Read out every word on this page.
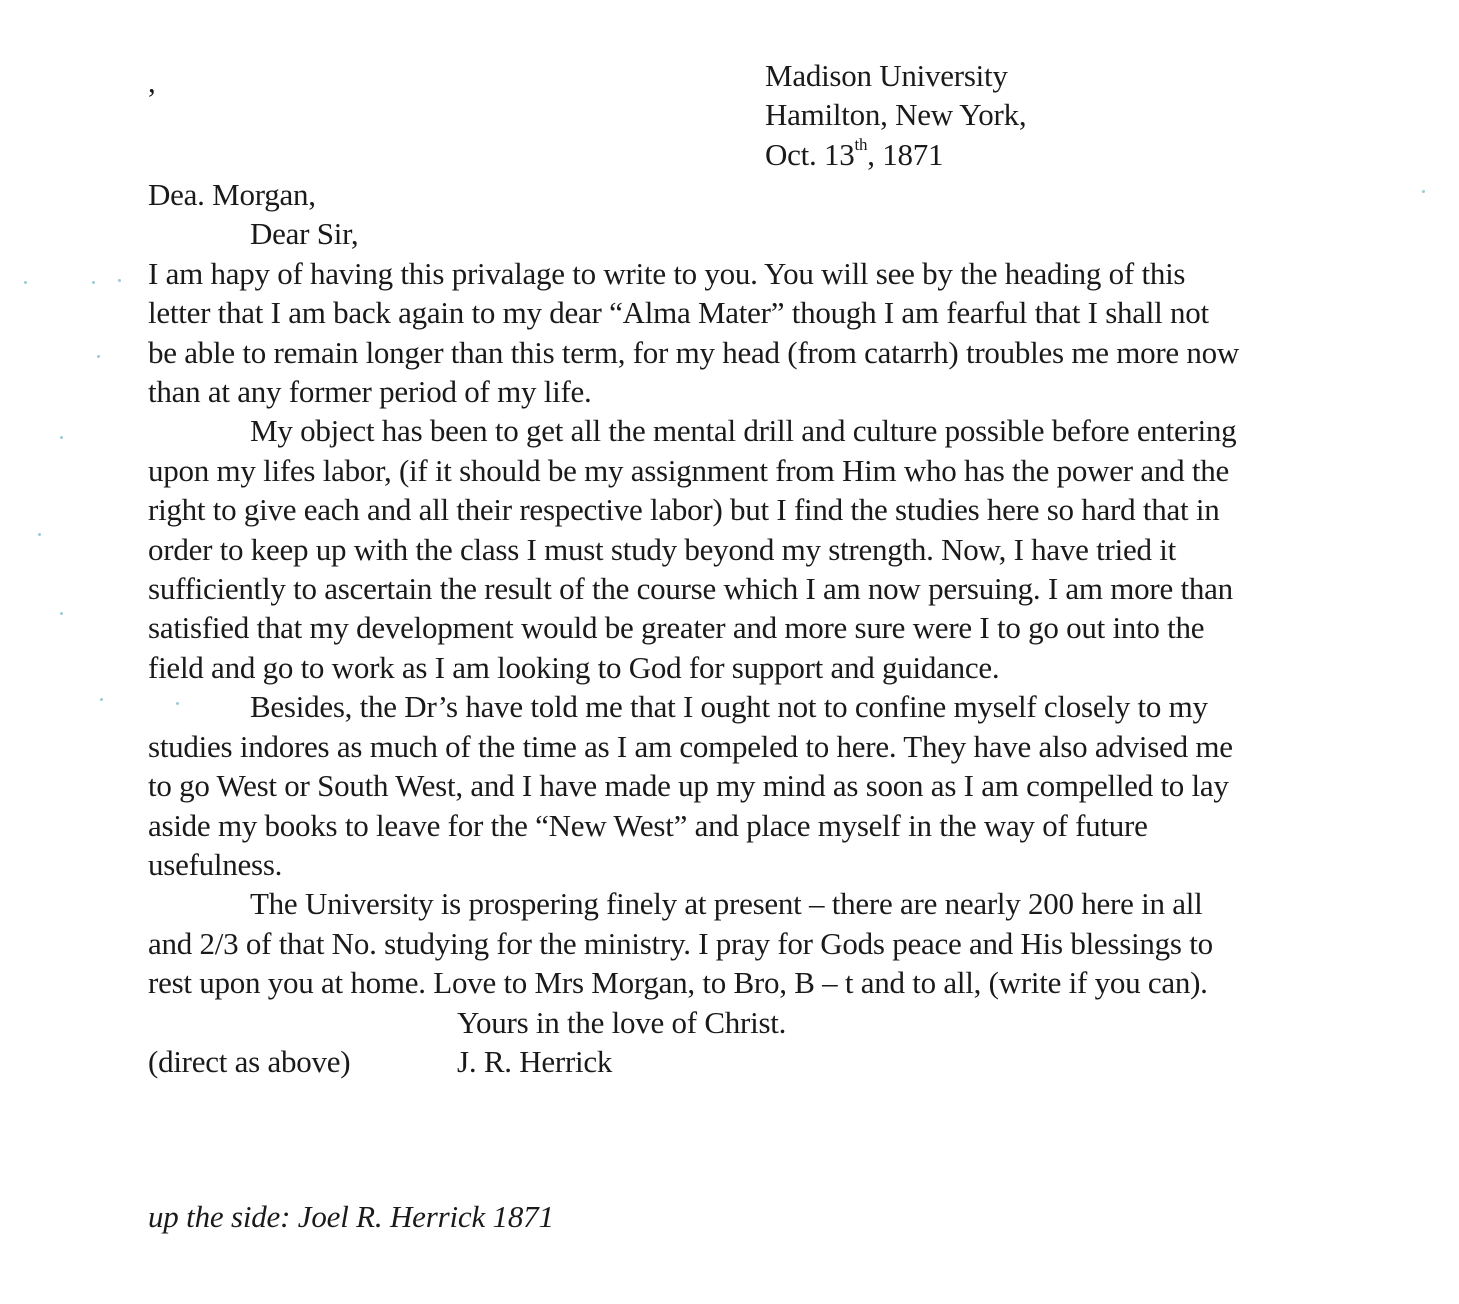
,	Madison University
Hamilton, New York,
Oct. 13th, 1871
Dea. Morgan,
Dear Sir,
I am hapy of having this privalage to write to you. You will see by the heading of this
letter that I am back again to my dear “Alma Mater” though I am fearful that I shall not
be able to remain longer than this term, for my head (from catarrh) troubles me more now
than at any former period of my life.
My object has been to get all the mental drill and culture possible before entering
upon my lifes labor, (if it should be my assignment from Him who has the power and the
right to give each and all their respective labor) but I find the studies here so hard that in
order to keep up with the class I must study beyond my strength. Now, I have tried it
sufficiently to ascertain the result of the course which I am now persuing. I am more than
satisfied that my development would be greater and more sure were I to go out into the
field and go to work as I am looking to God for support and guidance.
Besides, the Dr’s have told me that I ought not to confine myself closely to my
studies indores as much of the time as I am compeled to here. They have also advised me
to go West or South West, and I have made up my mind as soon as I am compelled to lay
aside my books to leave for the “New West” and place myself in the way of future
usefulness.
The University is prospering finely at present – there are nearly 200 here in all
and 2/3 of that No. studying for the ministry. I pray for Gods peace and His blessings to
rest upon you at home. Love to Mrs Morgan, to Bro, B – t and to all, (write if you can).
Yours in the love of Christ.
(direct as above)	J. R. Herrick
up the side: Joel R. Herrick 1871
